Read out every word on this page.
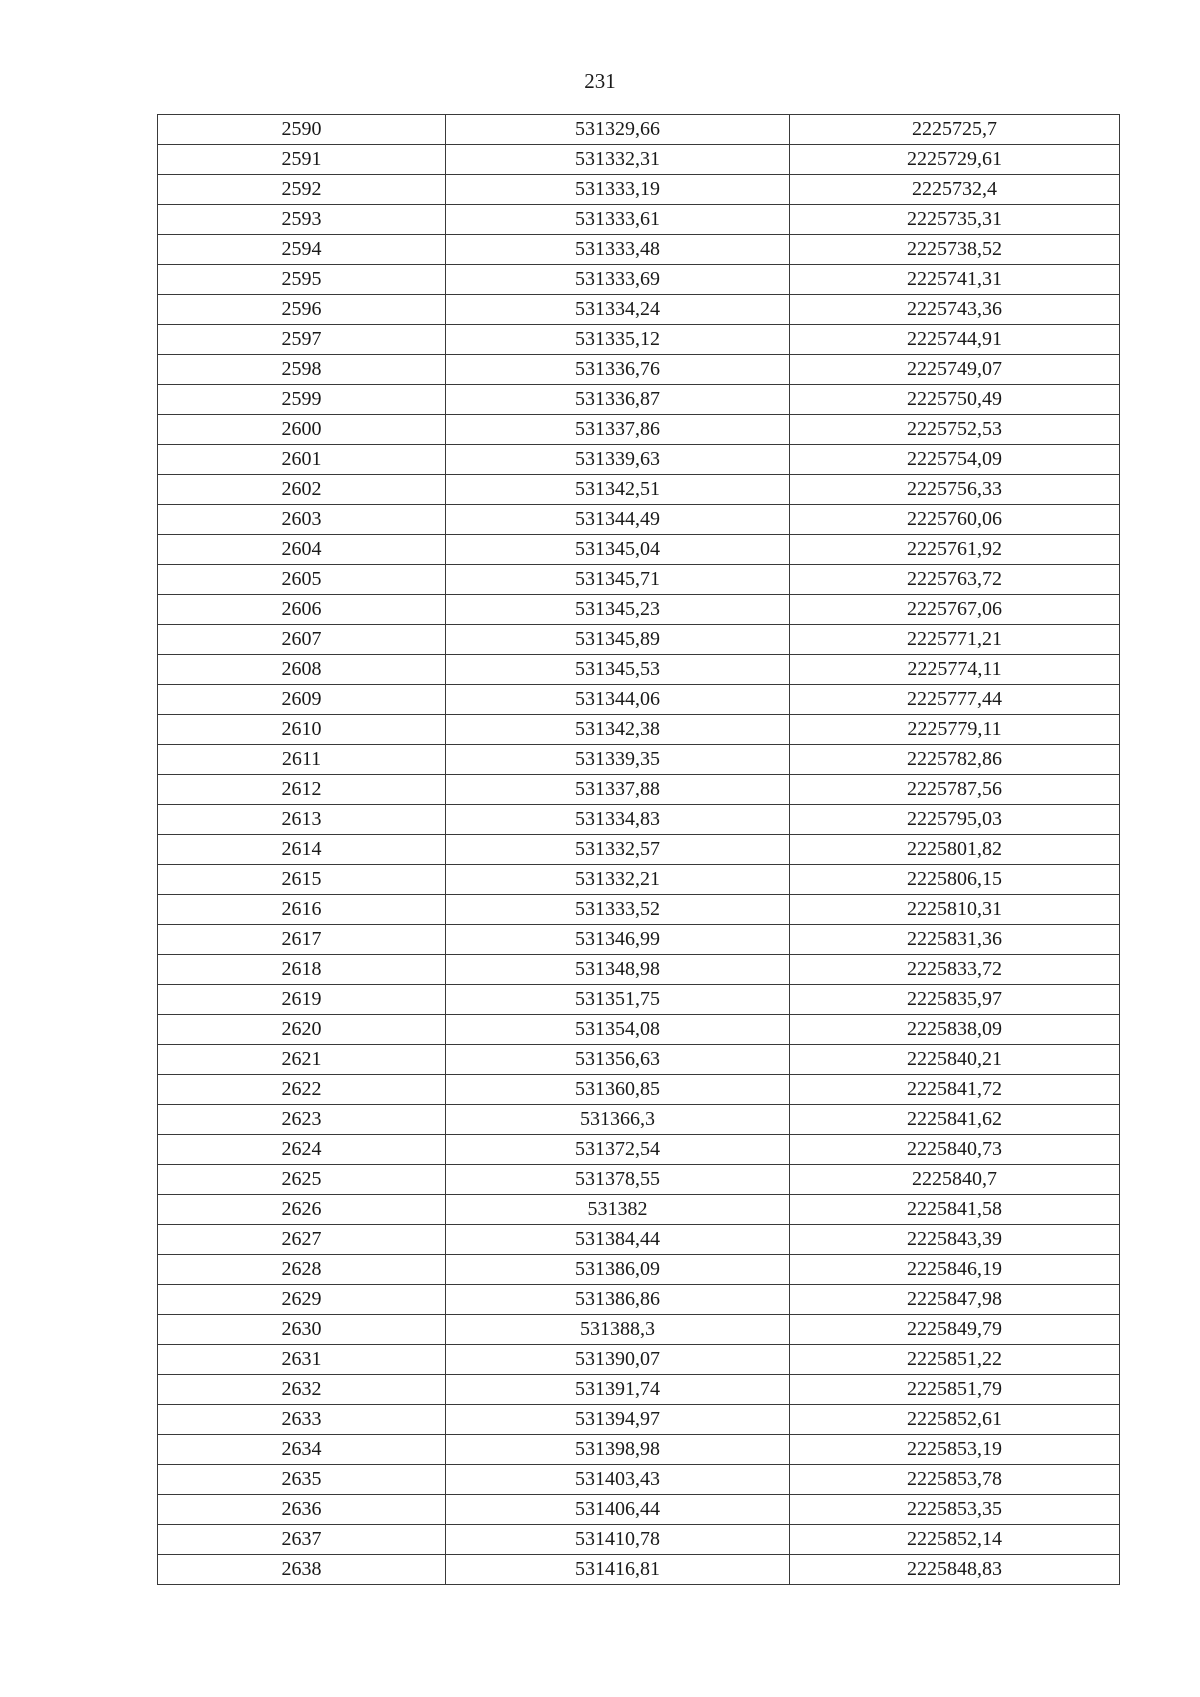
231
2590	531329,66	2225725,7
2591	531332,31	2225729,61
2592	531333,19	2225732,4
2593	531333,61	2225735,31
2594	531333,48	2225738,52
2595	531333,69	2225741,31
2596	531334,24	2225743,36
2597	531335,12	2225744,91
2598	531336,76	2225749,07
2599	531336,87	2225750,49
2600	531337,86	2225752,53
2601	531339,63	2225754,09
2602	531342,51	2225756,33
2603	531344,49	2225760,06
2604	531345,04	2225761,92
2605	531345,71	2225763,72
2606	531345,23	2225767,06
2607	531345,89	2225771,21
2608	531345,53	2225774,11
2609	531344,06	2225777,44
2610	531342,38	2225779,11
2611	531339,35	2225782,86
2612	531337,88	2225787,56
2613	531334,83	2225795,03
2614	531332,57	2225801,82
2615	531332,21	2225806,15
2616	531333,52	2225810,31
2617	531346,99	2225831,36
2618	531348,98	2225833,72
2619	531351,75	2225835,97
2620	531354,08	2225838,09
2621	531356,63	2225840,21
2622	531360,85	2225841,72
2623	531366,3	2225841,62
2624	531372,54	2225840,73
2625	531378,55	2225840,7
2626	531382	2225841,58
2627	531384,44	2225843,39
2628	531386,09	2225846,19
2629	531386,86	2225847,98
2630	531388,3	2225849,79
2631	531390,07	2225851,22
2632	531391,74	2225851,79
2633	531394,97	2225852,61
2634	531398,98	2225853,19
2635	531403,43	2225853,78
2636	531406,44	2225853,35
2637	531410,78	2225852,14
2638	531416,81	2225848,83
